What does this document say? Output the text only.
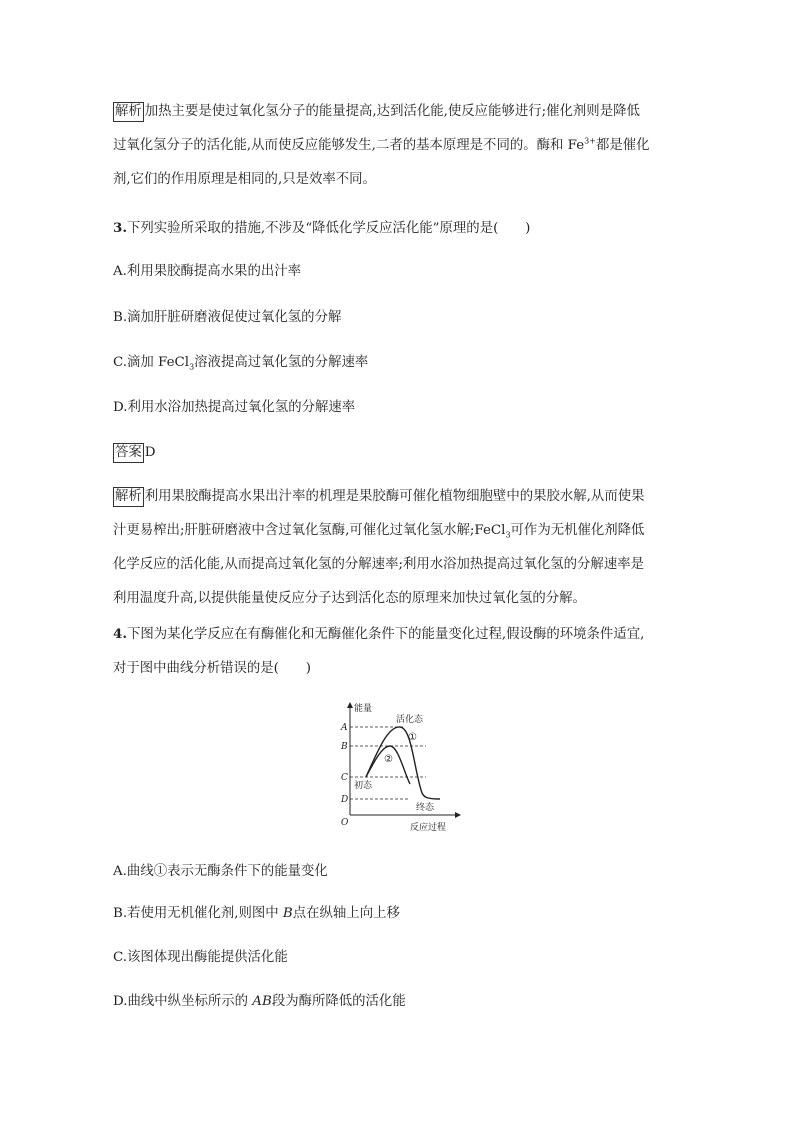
解析 加热主要是使过氧化氢分子的能量提高,达到活化能,使反应能够进行;催化剂则是降低
过氧化氢分子的活化能,从而使反应能够发生,二者的基本原理是不同的。酶和 $Fe^{3+}$都是催化
剂,它们的作用原理是相同的,只是效率不同。

3.下列实验所采取的措施,不涉及“降低化学反应活化能”原理的是(　　)

A.利用果胶酶提高水果的出汁率

B.滴加肝脏研磨液促使过氧化氢的分解

C.滴加 FeCl$_3$溶液提高过氧化氢的分解速率

D.利用水浴加热提高过氧化氢的分解速率

答案 D

解析 利用果胶酶提高水果出汁率的机理是果胶酶可催化植物细胞壁中的果胶水解,从而使果
汁更易榨出;肝脏研磨液中含过氧化氢酶,可催化过氧化氢水解;FeCl$_3$可作为无机催化剂降低
化学反应的活化能,从而提高过氧化氢的分解速率;利用水浴加热提高过氧化氢的分解速率是
利用温度升高,以提供能量使反应分子达到活化态的原理来加快过氧化氢的分解。

4.下图为某化学反应在有酶催化和无酶催化条件下的能量变化过程,假设酶的环境条件适宜,
对于图中曲线分析错误的是(　　)

能量
活化态
①
②
初态
终态
A
B
C
D
O	反应过程

A.曲线①表示无酶条件下的能量变化

B.若使用无机催化剂,则图中 B点在纵轴上向上移

C.该图体现出酶能提供活化能

D.曲线中纵坐标所示的 AB段为酶所降低的活化能
